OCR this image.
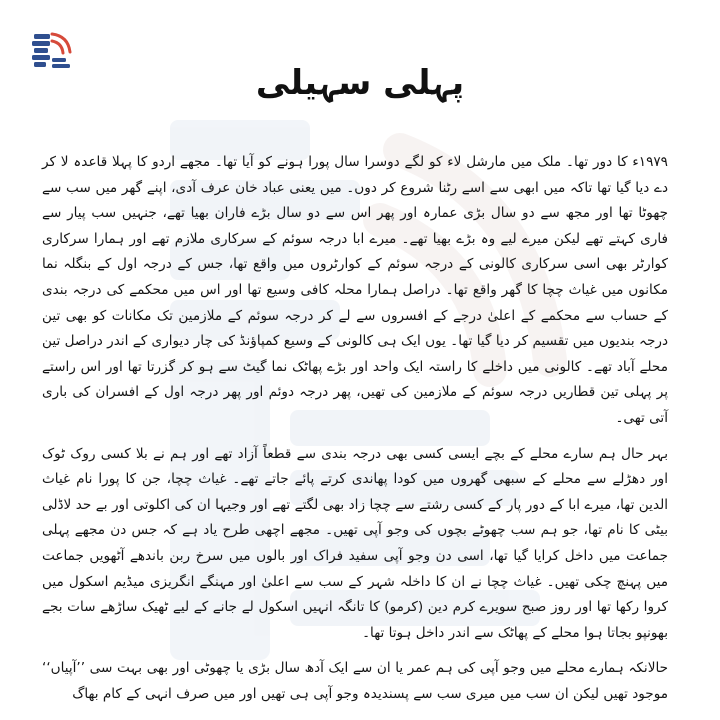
پہلی سہیلی

۱۹۷۹ء کا دور تھا۔ ملک میں مارشل لاء کو لگے دوسرا سال پورا ہونے کو آیا تھا۔ مجھے اردو کا پہلا قاعدہ لا کر دے دیا گیا تھا تاکہ میں ابھی سے اسے رٹنا شروع کر دوں۔ میں یعنی عباد خان عرف آدی، اپنے گھر میں سب سے چھوٹا تھا اور مجھ سے دو سال بڑی عمارہ اور پھر اس سے دو سال بڑے فاران بھیا تھے، جنہیں سب پیار سے فاری کہتے تھے لیکن میرے لیے وہ بڑے بھیا تھے۔ میرے ابا درجہ سوئم کے سرکاری ملازم تھے اور ہمارا سرکاری کوارٹر بھی اسی سرکاری کالونی کے درجہ سوئم کے کوارٹروں میں واقع تھا، جس کے درجہ اول کے بنگلہ نما مکانوں میں غیاث چچا کا گھر واقع تھا۔ دراصل ہمارا محلہ کافی وسیع تھا اور اس میں محکمے کی درجہ بندی کے حساب سے محکمے کے اعلیٰ درجے کے افسروں سے لے کر درجہ سوئم کے ملازمین تک مکانات کو بھی تین درجہ بندیوں میں تقسیم کر دیا گیا تھا۔ یوں ایک ہی کالونی کے وسیع کمپاؤنڈ کی چار دیواری کے اندر دراصل تین محلے آباد تھے۔ کالونی میں داخلے کا راستہ ایک واحد اور بڑے پھاٹک نما گیٹ سے ہو کر گزرتا تھا اور اس راستے پر پہلی تین قطاریں درجہ سوئم کے ملازمین کی تھیں، پھر درجہ دوئم اور پھر درجہ اول کے افسران کی باری آتی تھی۔

بہر حال ہم سارے محلے کے بچے ایسی کسی بھی درجہ بندی سے قطعاً آزاد تھے اور ہم نے بلا کسی روک ٹوک اور دھڑلے سے محلے کے سبھی گھروں میں کودا پھاندی کرتے پائے جاتے تھے۔ غیاث چچا، جن کا پورا نام غیاث الدین تھا، میرے ابا کے دور پار کے کسی رشتے سے چچا زاد بھی لگتے تھے اور وجیہا ان کی اکلوتی اور بے حد لاڈلی بیٹی کا نام تھا، جو ہم سب چھوٹے بچوں کی وجو آپی تھیں۔ مجھے اچھی طرح یاد ہے کہ جس دن مجھے پہلی جماعت میں داخل کرایا گیا تھا، اسی دن وجو آپی سفید فراک اور بالوں میں سرخ ربن باندھے آٹھویں جماعت میں پہنچ چکی تھیں۔ غیاث چچا نے ان کا داخلہ شہر کے سب سے اعلیٰ اور مہنگے انگریزی میڈیم اسکول میں کروا رکھا تھا اور روز صبح سویرے کرم دین (کرمو) کا تانگہ انہیں اسکول لے جانے کے لیے ٹھیک ساڑھے سات بجے بھونپو بجاتا ہوا محلے کے پھاٹک سے اندر داخل ہوتا تھا۔

حالانکہ ہمارے محلے میں وجو آپی کی ہم عمر یا ان سے ایک آدھ سال بڑی یا چھوٹی اور بھی بہت سی ’’آپیاں‘‘ موجود تھیں لیکن ان سب میں میری سب سے پسندیدہ وجو آپی ہی تھیں اور میں صرف انہی کے کام بھاگ
